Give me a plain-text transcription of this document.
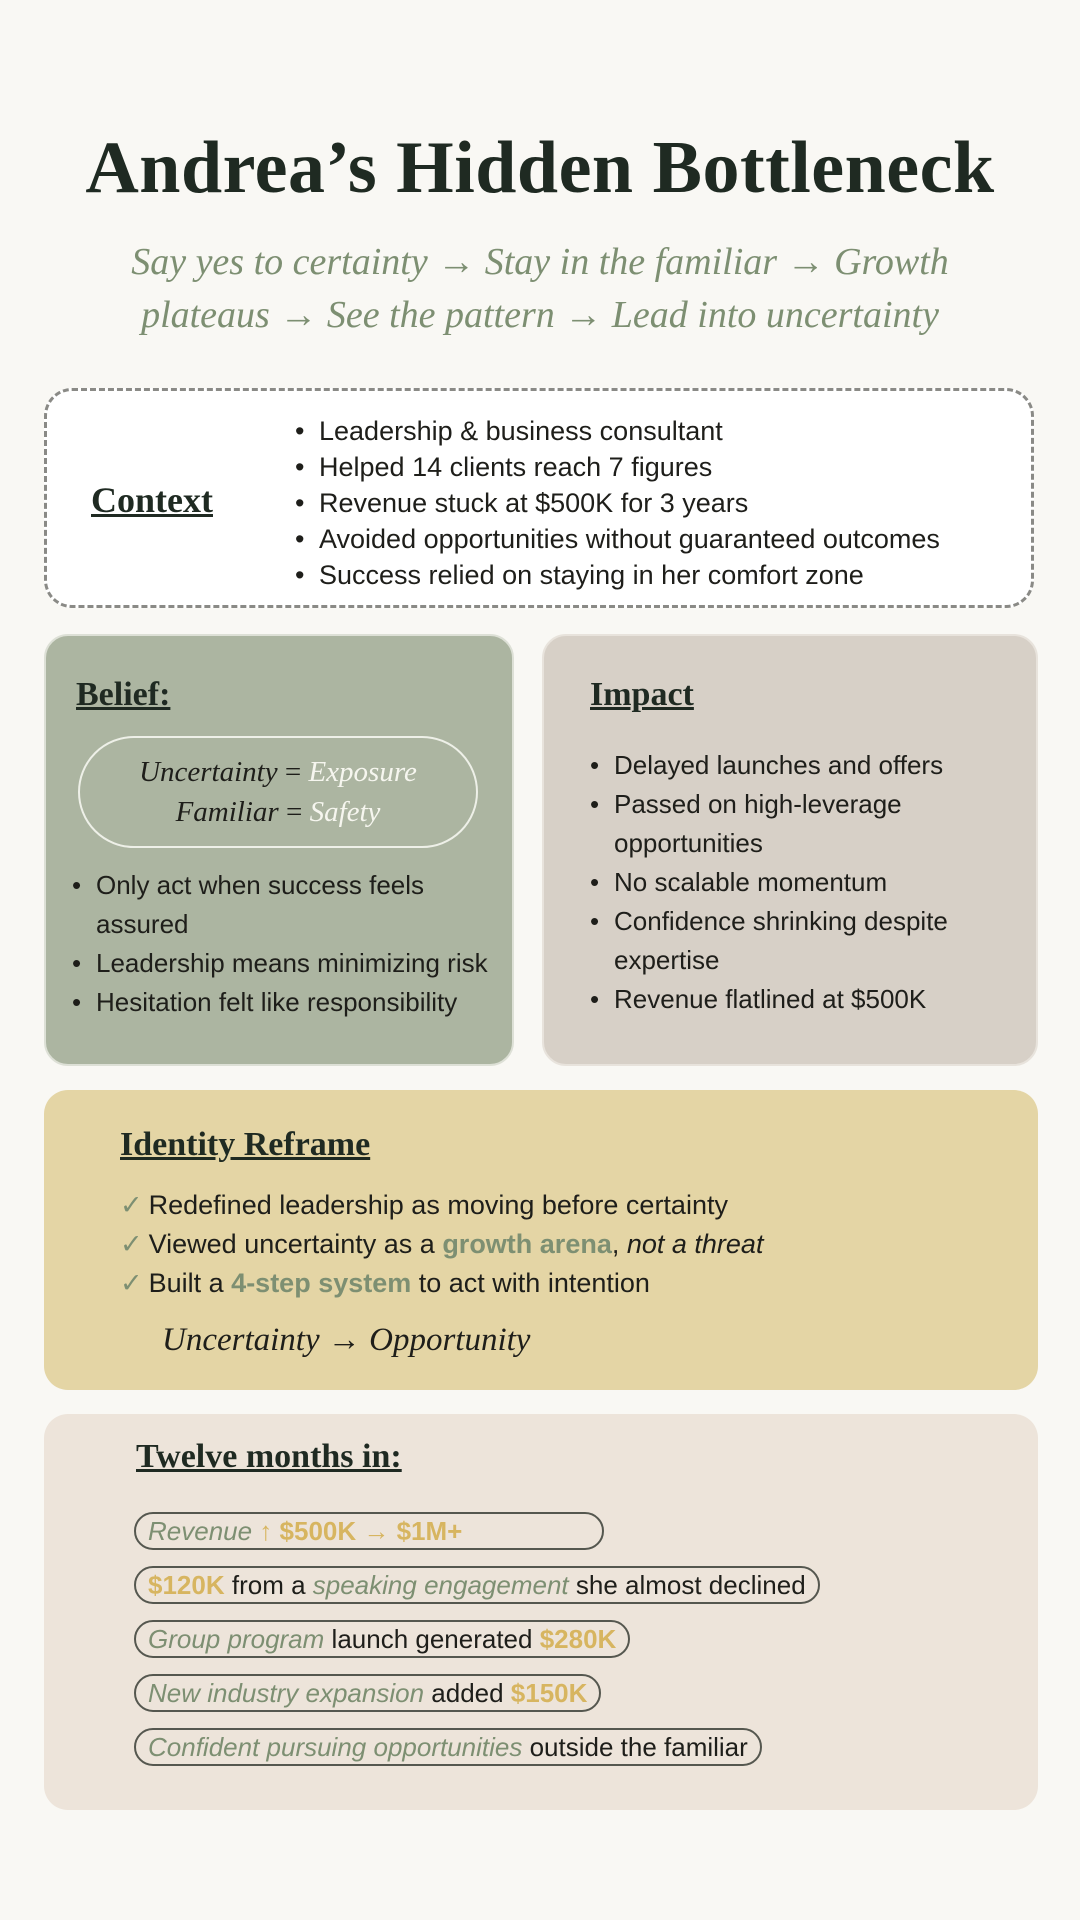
Andrea’s Hidden Bottleneck
Say yes to certainty → Stay in the familiar → Growth plateaus → See the pattern → Lead into uncertainty
Context
• Leadership & business consultant
• Helped 14 clients reach 7 figures
• Revenue stuck at $500K for 3 years
• Avoided opportunities without guaranteed outcomes
• Success relied on staying in her comfort zone
Belief:
Uncertainty = Exposure
Familiar = Safety
• Only act when success feels assured
• Leadership means minimizing risk
• Hesitation felt like responsibility
Impact
• Delayed launches and offers
• Passed on high-leverage opportunities
• No scalable momentum
• Confidence shrinking despite expertise
• Revenue flatlined at $500K
Identity Reframe
✓ Redefined leadership as moving before certainty
✓ Viewed uncertainty as a growth arena, not a threat
✓ Built a 4-step system to act with intention
Uncertainty → Opportunity
Twelve months in:
Revenue ↑ $500K → $1M+
$120K from a speaking engagement she almost declined
Group program launch generated $280K
New industry expansion added $150K
Confident pursuing opportunities outside the familiar
